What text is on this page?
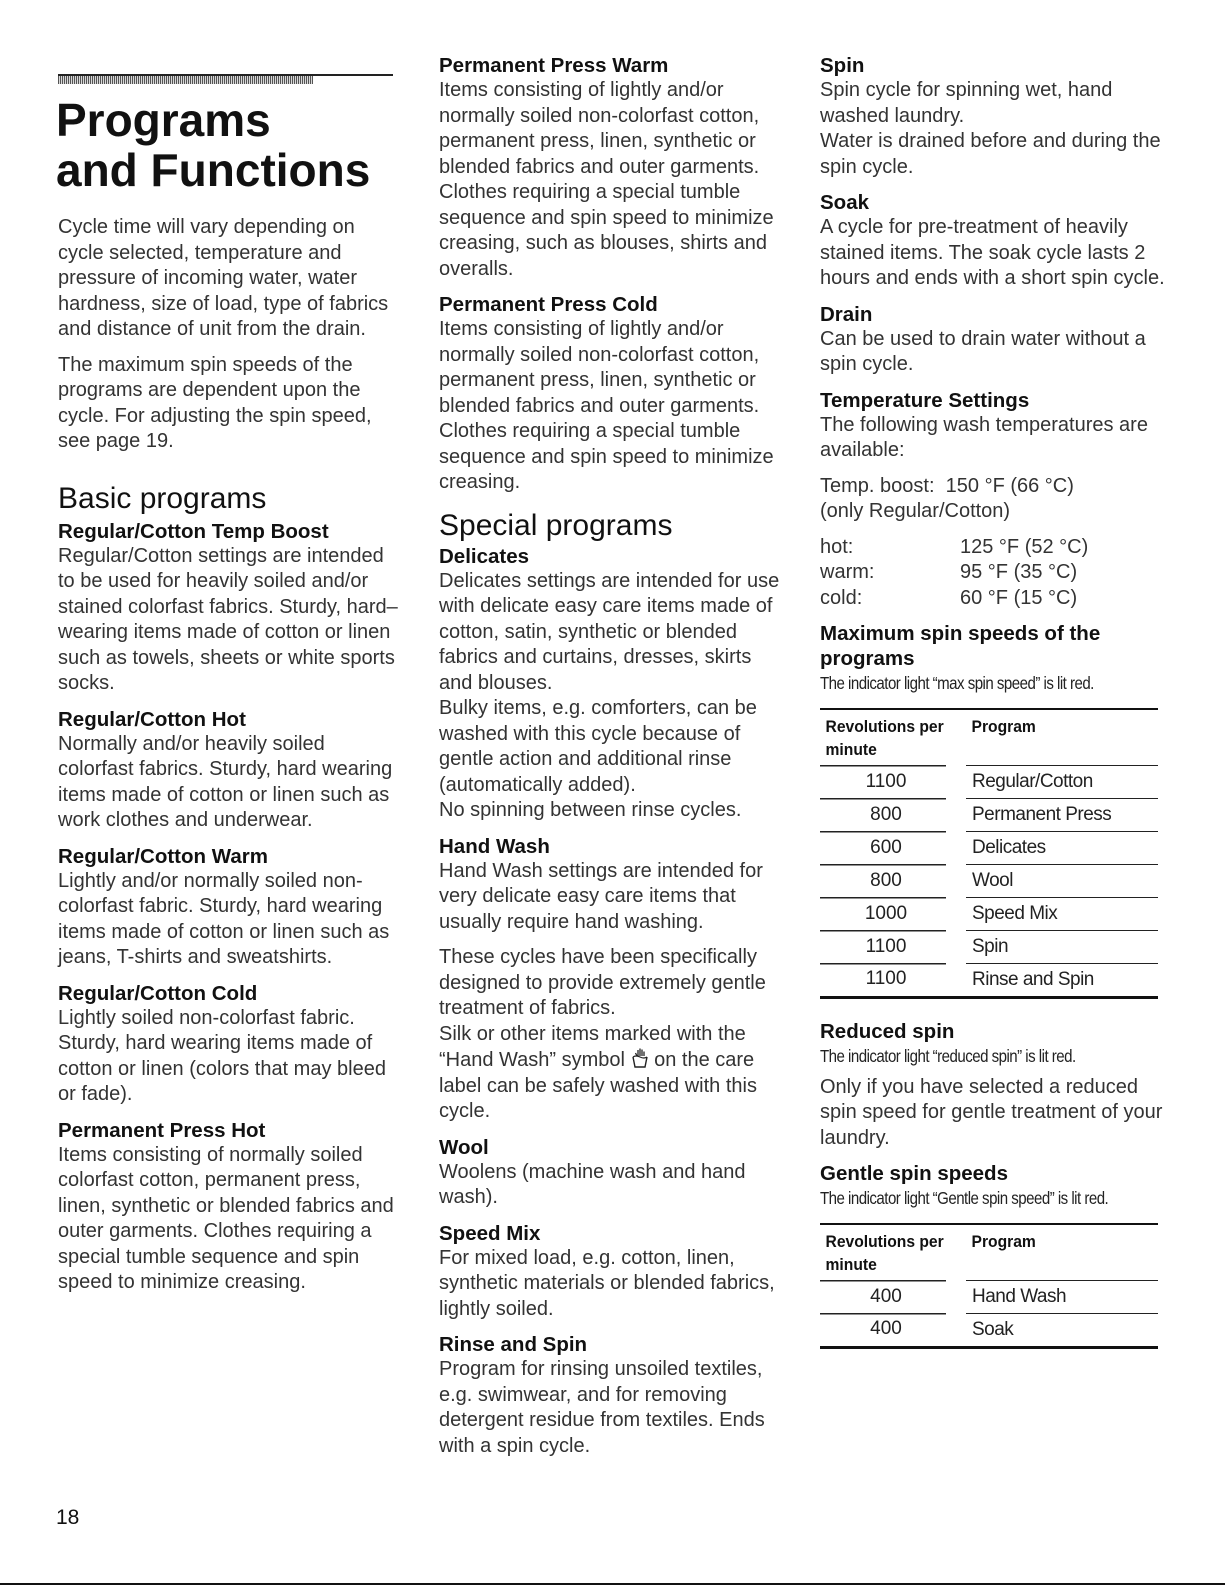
Programs
and Functions

Cycle time will vary depending on cycle selected, temperature and pressure of incoming water, water hardness, size of load, type of fabrics and distance of unit from the drain.

The maximum spin speeds of the programs are dependent upon the cycle. For adjusting the spin speed, see page 19.

Basic programs
Regular/Cotton Temp Boost

Regular/Cotton settings are intended to be used for heavily soiled and/or stained colorfast fabrics. Sturdy, hard–wearing items made of cotton or linen such as towels, sheets or white sports socks.

Regular/Cotton Hot

Normally and/or heavily soiled colorfast fabrics. Sturdy, hard wearing items made of cotton or linen such as work clothes and underwear.

Regular/Cotton Warm

Lightly and/or normally soiled non-colorfast fabric. Sturdy, hard wearing items made of cotton or linen such as jeans, T-shirts and sweatshirts.

Regular/Cotton Cold

Lightly soiled non-colorfast fabric. Sturdy, hard wearing items made of cotton or linen (colors that may bleed or fade).

Permanent Press Hot

Items consisting of normally soiled colorfast cotton, permanent press, linen, synthetic or blended fabrics and outer garments. Clothes requiring a special tumble sequence and spin speed to minimize creasing.

Permanent Press Warm

Items consisting of lightly and/or normally soiled non-colorfast cotton, permanent press, linen, synthetic or blended fabrics and outer garments. Clothes requiring a special tumble sequence and spin speed to minimize creasing, such as blouses, shirts and overalls.

Permanent Press Cold

Items consisting of lightly and/or normally soiled non-colorfast cotton, permanent press, linen, synthetic or blended fabrics and outer garments. Clothes requiring a special tumble sequence and spin speed to minimize creasing.

Special programs
Delicates

Delicates settings are intended for use with delicate easy care items made of cotton, satin, synthetic or blended fabrics and curtains, dresses, skirts and blouses.

Bulky items, e.g. comforters, can be washed with this cycle because of gentle action and additional rinse (automatically added).

No spinning between rinse cycles.

Hand Wash

Hand Wash settings are intended for very delicate easy care items that usually require hand washing.

These cycles have been specifically designed to provide extremely gentle treatment of fabrics.

Silk or other items marked with the “Hand Wash” symbol on the care label can be safely washed with this cycle.

Wool

Woolens (machine wash and hand wash).

Speed Mix

For mixed load, e.g. cotton, linen, synthetic materials or blended fabrics, lightly soiled.

Rinse and Spin

Program for rinsing unsoiled textiles, e.g. swimwear, and for removing detergent residue from textiles. Ends with a spin cycle.

Spin

Spin cycle for spinning wet, hand washed laundry.

Water is drained before and during the spin cycle.

Soak

A cycle for pre-treatment of heavily stained items. The soak cycle lasts 2 hours and ends with a short spin cycle.

Drain

Can be used to drain water without a spin cycle.

Temperature Settings

The following wash temperatures are available:

Temp. boost:
150 °F (66 °C)

(only Regular/Cotton)

hot:	125 °F (52 °C)
warm:	95 °F (35 °C)
cold:	60 °F (15 °C)
Maximum spin speeds of the programs

The indicator light “max spin speed” is lit red.

Revolutions per minute	Program
1100	Regular/Cotton
800	Permanent Press
600	Delicates
800	Wool
1000	Speed Mix
1100	Spin
1100	Rinse and Spin
Reduced spin

The indicator light “reduced spin” is lit red.

Only if you have selected a reduced spin speed for gentle treatment of your laundry.

Gentle spin speeds

The indicator light “Gentle spin speed” is lit red.

Revolutions per minute	Program
400	Hand Wash
400	Soak
18
